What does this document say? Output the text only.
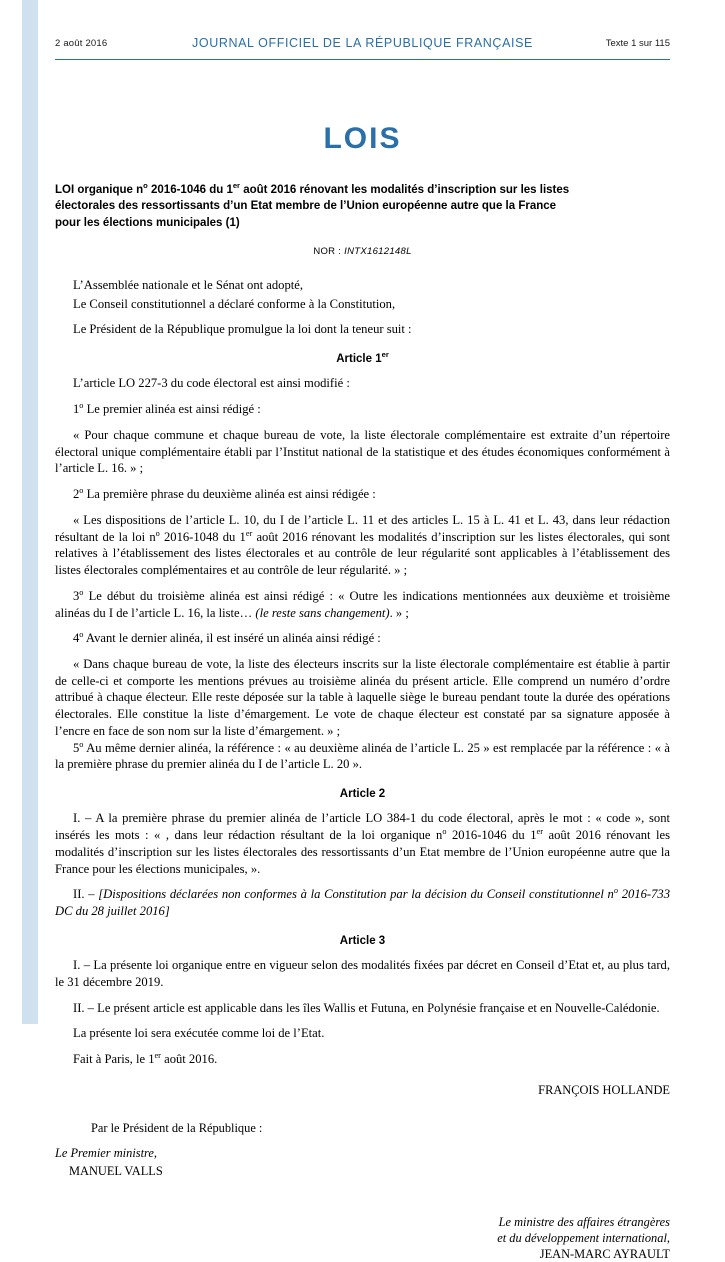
2 août 2016	JOURNAL OFFICIEL DE LA RÉPUBLIQUE FRANÇAISE	Texte 1 sur 115
LOIS
LOI organique $n^o$ 2016-1046 du 1er août 2016 rénovant les modalités d’inscription sur les listes
électorales des ressortissants d’un Etat membre de l’Union européenne autre que la France
pour les élections municipales (1)
NOR : INTX1612148L

L’Assemblée nationale et le Sénat ont adopté,

Le Conseil constitutionnel a déclaré conforme à la Constitution,

Le Président de la République promulgue la loi dont la teneur suit :

Article 1er

L’article LO 227-3 du code électoral est ainsi modifié :

1$^o$ Le premier alinéa est ainsi rédigé :

« Pour chaque commune et chaque bureau de vote, la liste électorale complémentaire est extraite d’un répertoire électoral unique complémentaire établi par l’Institut national de la statistique et des études économiques conformément à l’article L. 16. » ;

2$^o$ La première phrase du deuxième alinéa est ainsi rédigée :

« Les dispositions de l’article L. 10, du I de l’article L. 11 et des articles L. 15 à L. 41 et L. 43, dans leur rédaction résultant de la loi $n^o$ 2016-1048 du 1er août 2016 rénovant les modalités d’inscription sur les listes électorales, qui sont relatives à l’établissement des listes électorales et au contrôle de leur régularité sont applicables à l’établissement des listes électorales complémentaires et au contrôle de leur régularité. » ;

3$^o$ Le début du troisième alinéa est ainsi rédigé : « Outre les indications mentionnées aux deuxième et troisième alinéas du I de l’article L. 16, la liste… (le reste sans changement). » ;

4$^o$ Avant le dernier alinéa, il est inséré un alinéa ainsi rédigé :

« Dans chaque bureau de vote, la liste des électeurs inscrits sur la liste électorale complémentaire est établie à partir de celle-ci et comporte les mentions prévues au troisième alinéa du présent article. Elle comprend un numéro d’ordre attribué à chaque électeur. Elle reste déposée sur la table à laquelle siège le bureau pendant toute la durée des opérations électorales. Elle constitue la liste d’émargement. Le vote de chaque électeur est constaté par sa signature apposée à l’encre en face de son nom sur la liste d’émargement. » ;

5$^o$ Au même dernier alinéa, la référence : « au deuxième alinéa de l’article L. 25 » est remplacée par la référence : « à la première phrase du premier alinéa du I de l’article L. 20 ».

Article 2

I. – A la première phrase du premier alinéa de l’article LO 384-1 du code électoral, après le mot : « code », sont insérés les mots : « , dans leur rédaction résultant de la loi organique $n^o$ 2016-1046 du 1er août 2016 rénovant les modalités d’inscription sur les listes électorales des ressortissants d’un Etat membre de l’Union européenne autre que la France pour les élections municipales, ».

II. – [Dispositions déclarées non conformes à la Constitution par la décision du Conseil constitutionnel $n^o$ 2016-733 DC du 28 juillet 2016]

Article 3

I. – La présente loi organique entre en vigueur selon des modalités fixées par décret en Conseil d’Etat et, au plus tard, le 31 décembre 2019.

II. – Le présent article est applicable dans les îles Wallis et Futuna, en Polynésie française et en Nouvelle-Calédonie.

La présente loi sera exécutée comme loi de l’Etat.

Fait à Paris, le 1er août 2016.

FRANÇOIS HOLLANDE
Par le Président de la République :
Le Premier ministre,
MANUEL VALLS
Le ministre des affaires étrangères
et du développement international,
JEAN-MARC AYRAULT
